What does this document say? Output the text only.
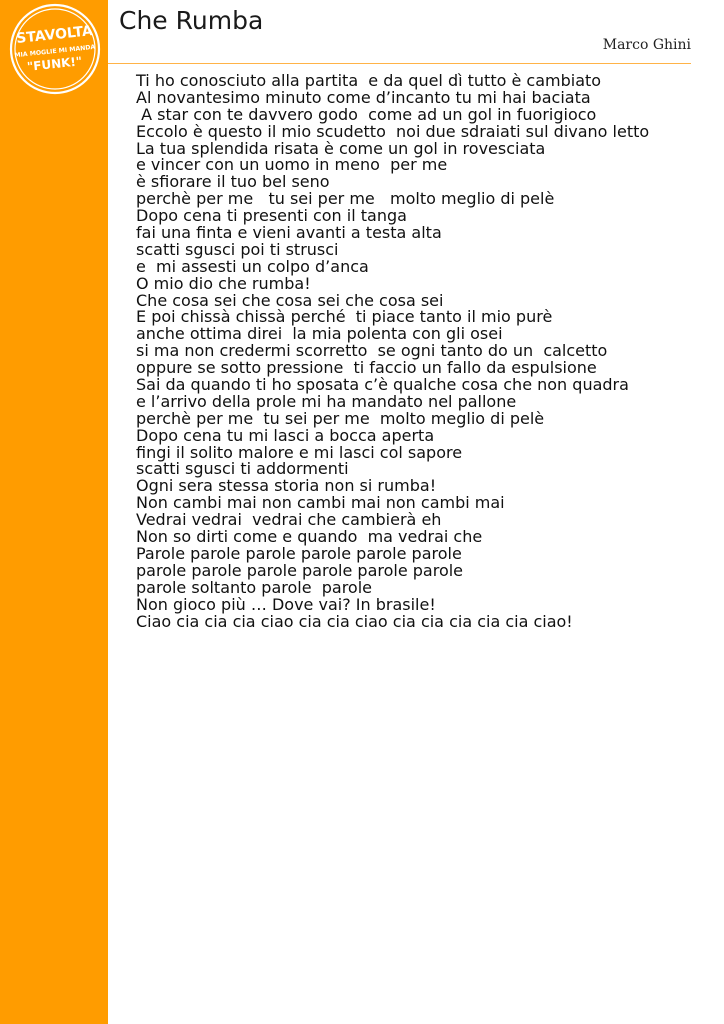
STAVOLTA
MIA MOGLIE MI MANDA
"FUNK!"
Che Rumba

Marco Ghini

Ti ho conosciuto alla partita  e da quel dì tutto è cambiato
Al novantesimo minuto come d’incanto tu mi hai baciata
A star con te davvero godo  come ad un gol in fuorigioco
Eccolo è questo il mio scudetto  noi due sdraiati sul divano letto
La tua splendida risata è come un gol in rovesciata
e vincer con un uomo in meno  per me
è sfiorare il tuo bel seno
perchè per me   tu sei per me   molto meglio di pelè
Dopo cena ti presenti con il tanga
fai una finta e vieni avanti a testa alta
scatti sgusci poi ti strusci
e  mi assesti un colpo d’anca
O mio dio che rumba!
Che cosa sei che cosa sei che cosa sei
E poi chissà chissà perché  ti piace tanto il mio purè
anche ottima direi  la mia polenta con gli osei
si ma non credermi scorretto  se ogni tanto do un  calcetto
oppure se sotto pressione  ti faccio un fallo da espulsione
Sai da quando ti ho sposata c’è qualche cosa che non quadra
e l’arrivo della prole mi ha mandato nel pallone
perchè per me  tu sei per me  molto meglio di pelè
Dopo cena tu mi lasci a bocca aperta
fingi il solito malore e mi lasci col sapore
scatti sgusci ti addormenti
Ogni sera stessa storia non si rumba!
Non cambi mai non cambi mai non cambi mai
Vedrai vedrai  vedrai che cambierà eh
Non so dirti come e quando  ma vedrai che
Parole parole parole parole parole parole
parole parole parole parole parole parole
parole soltanto parole  parole
Non gioco più … Dove vai? In brasile!
Ciao cia cia cia ciao cia cia ciao cia cia cia cia cia ciao!
